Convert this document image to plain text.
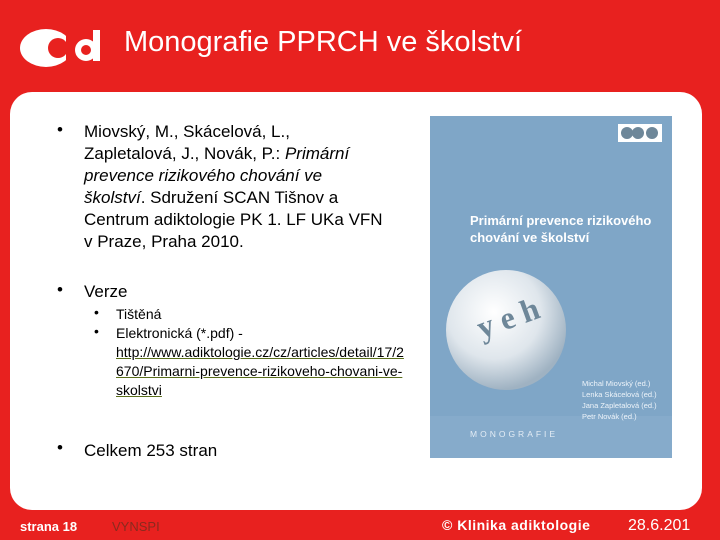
Monografie PPRCH ve školství
• Miovský, M., Skácelová, L., Zapletalová, J., Novák, P.: Primární prevence rizikového chování ve školství. Sdružení SCAN Tišnov a Centrum adiktologie PK 1. LF UKa VFN v Praze, Praha 2010.
• Verze
• Tištěná
• Elektronická (*.pdf) -
http://www.adiktologie.cz/cz/articles/detail/17/2670/Primarni-prevence-rizikoveho-chovani-ve-skolstvi
• Celkem 253 stran
y e h
Primární prevence rizikového chování ve školství
Michal Miovský (ed.)
Lenka Skácelová (ed.)
Jana Zapletalová (ed.)
Petr Novák (ed.)
MONOGRAFIE
strana 18	VYNSPI	© Klinika adiktologie 28.6.201
